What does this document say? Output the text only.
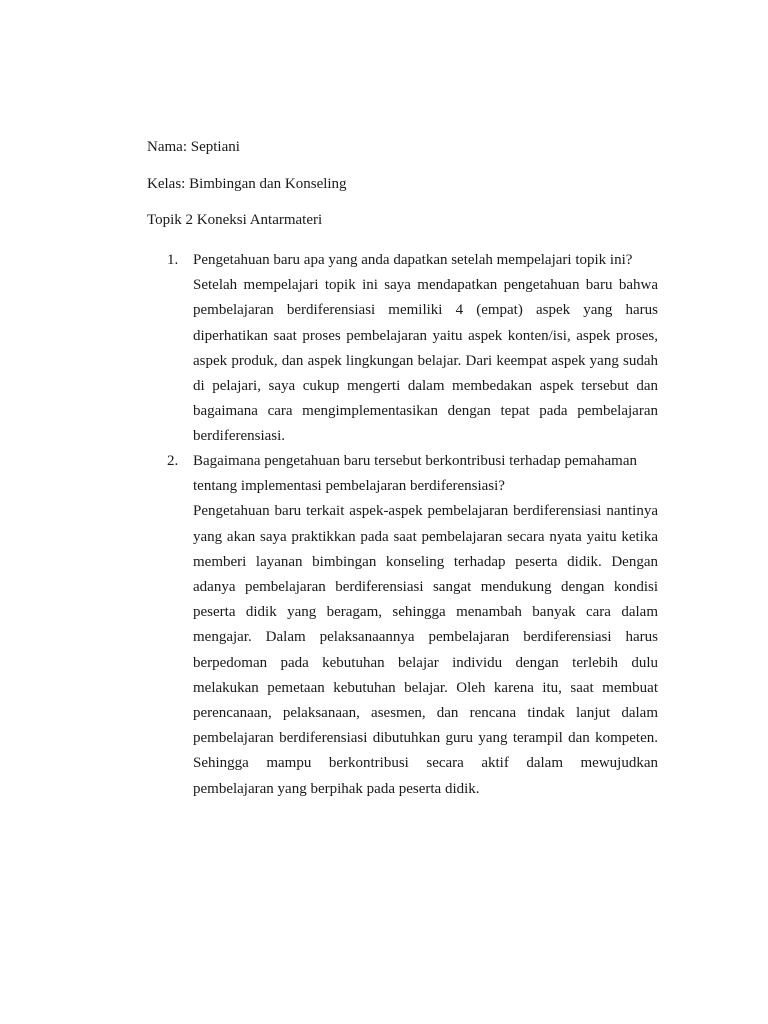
Nama: Septiani
Kelas: Bimbingan dan Konseling
Topik 2 Koneksi Antarmateri
1. Pengetahuan baru apa yang anda dapatkan setelah mempelajari topik ini?

Setelah mempelajari topik ini saya mendapatkan pengetahuan baru bahwa pembelajaran berdiferensiasi memiliki 4 (empat) aspek yang harus diperhatikan saat proses pembelajaran yaitu aspek konten/isi, aspek proses, aspek produk, dan aspek lingkungan belajar. Dari keempat aspek yang sudah di pelajari, saya cukup mengerti dalam membedakan aspek tersebut dan bagaimana cara mengimplementasikan dengan tepat pada pembelajaran berdiferensiasi.

2. Bagaimana pengetahuan baru tersebut berkontribusi terhadap pemahaman tentang implementasi pembelajaran berdiferensiasi?

Pengetahuan baru terkait aspek-aspek pembelajaran berdiferensiasi nantinya yang akan saya praktikkan pada saat pembelajaran secara nyata yaitu ketika memberi layanan bimbingan konseling terhadap peserta didik. Dengan adanya pembelajaran berdiferensiasi sangat mendukung dengan kondisi peserta didik yang beragam, sehingga menambah banyak cara dalam mengajar. Dalam pelaksanaannya pembelajaran berdiferensiasi harus berpedoman pada kebutuhan belajar individu dengan terlebih dulu melakukan pemetaan kebutuhan belajar. Oleh karena itu, saat membuat perencanaan, pelaksanaan, asesmen, dan rencana tindak lanjut dalam pembelajaran berdiferensiasi dibutuhkan guru yang terampil dan kompeten. Sehingga mampu berkontribusi secara aktif dalam mewujudkan pembelajaran yang berpihak pada peserta didik.
